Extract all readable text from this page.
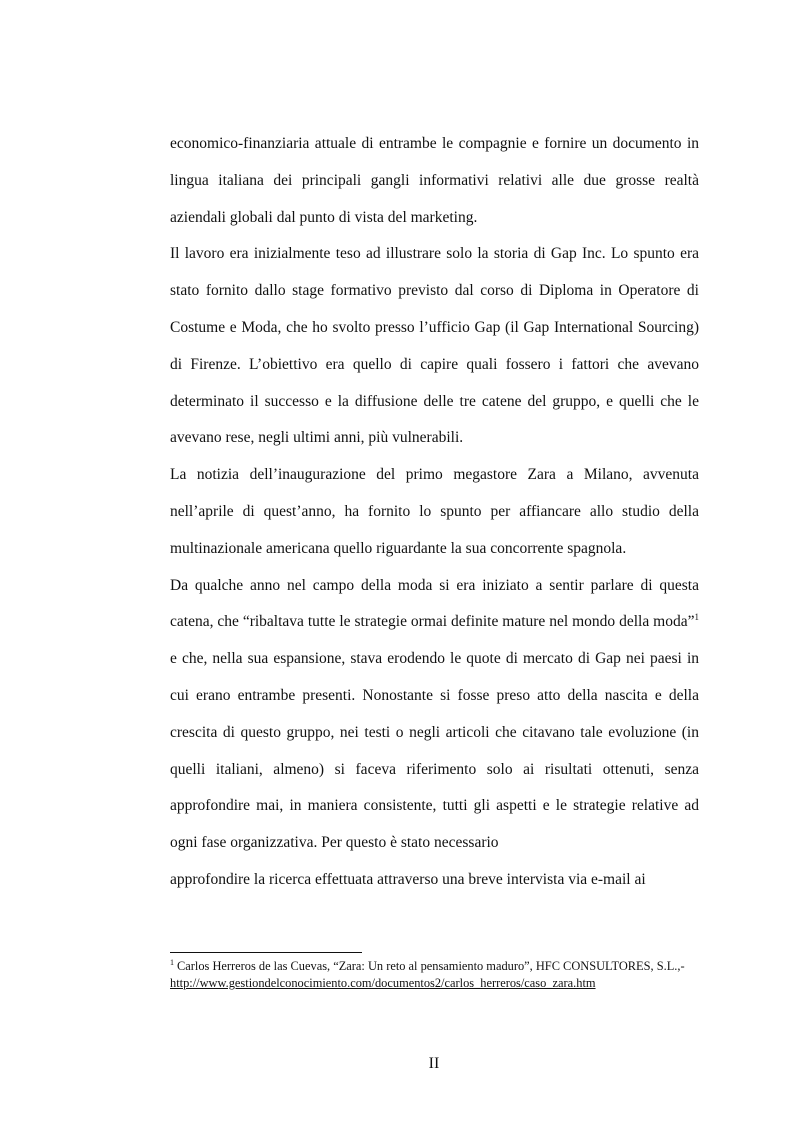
economico-finanziaria attuale di entrambe le compagnie e fornire un documento in lingua italiana dei principali gangli informativi relativi alle due grosse realtà aziendali globali dal punto di vista del marketing.

Il lavoro era inizialmente teso ad illustrare solo la storia di Gap Inc. Lo spunto era stato fornito dallo stage formativo previsto dal corso di Diploma in Operatore di Costume e Moda, che ho svolto presso l’ufficio Gap (il Gap International Sourcing) di Firenze. L’obiettivo era quello di capire quali fossero i fattori che avevano determinato il successo e la diffusione delle tre catene del gruppo, e quelli che le avevano rese, negli ultimi anni, più vulnerabili.

La notizia dell’inaugurazione del primo megastore Zara a Milano, avvenuta nell’aprile di quest’anno, ha fornito lo spunto per affiancare allo studio della multinazionale americana quello riguardante la sua concorrente spagnola.

Da qualche anno nel campo della moda si era iniziato a sentir parlare di questa catena, che “ribaltava tutte le strategie ormai definite mature nel mondo della moda”$^1$ e che, nella sua espansione, stava erodendo le quote di mercato di Gap nei paesi in cui erano entrambe presenti. Nonostante si fosse preso atto della nascita e della crescita di questo gruppo, nei testi o negli articoli che citavano tale evoluzione (in quelli italiani, almeno) si faceva riferimento solo ai risultati ottenuti, senza approfondire mai, in maniera consistente, tutti gli aspetti e le strategie relative ad ogni fase organizzativa. Per questo è stato necessario

approfondire la ricerca effettuata attraverso una breve intervista via e-mail ai

$^1$ Carlos Herreros de las Cuevas, “Zara: Un reto al pensamiento maduro”, HFC CONSULTORES, S.L.,-http://www.gestiondelconocimiento.com/documentos2/carlos_herreros/caso_zara.htm
II
